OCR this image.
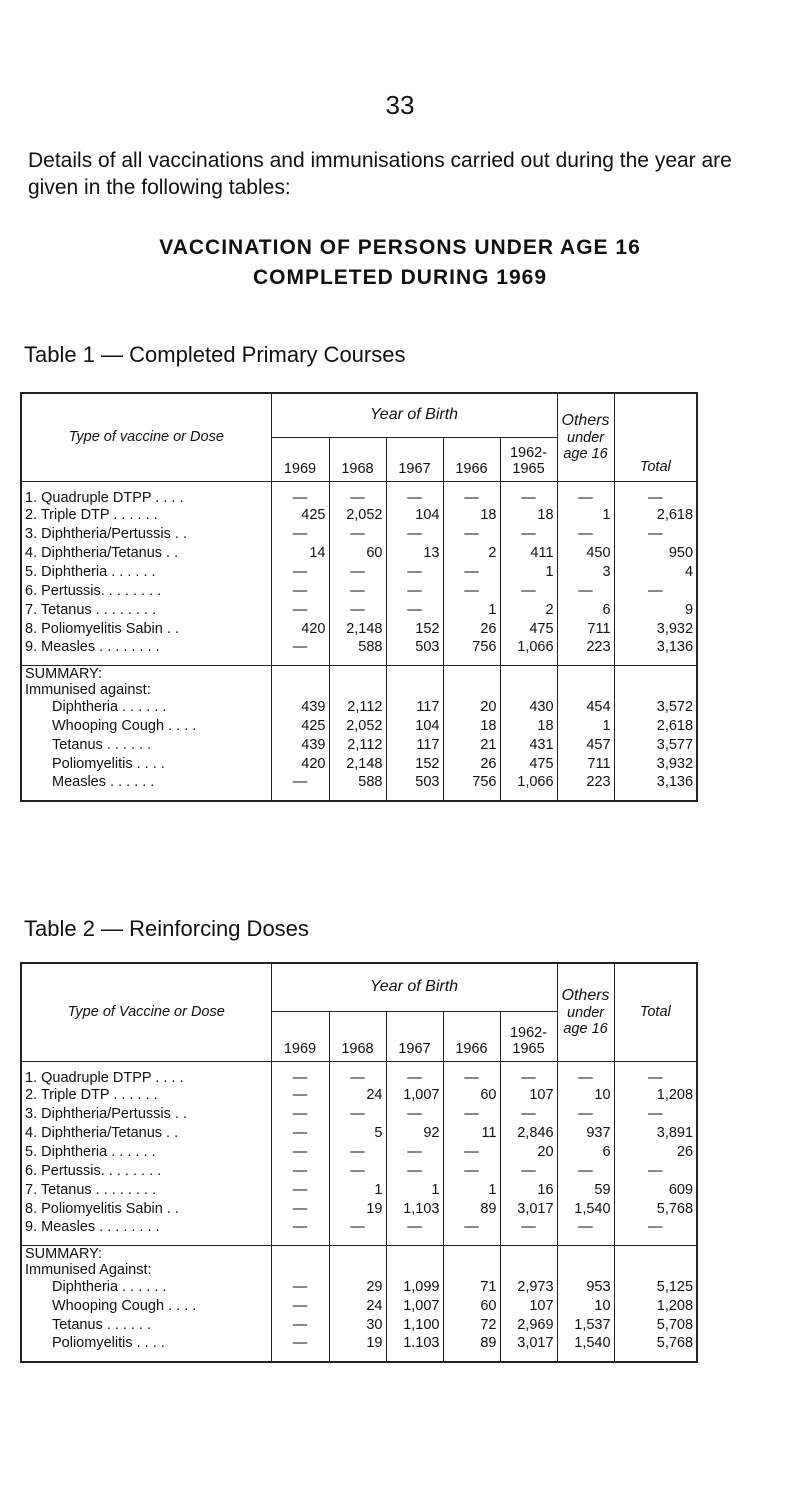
33
Details of all vaccinations and immunisations carried out during the year are given in the following tables:
VACCINATION OF PERSONS UNDER AGE 16
COMPLETED DURING 1969
Table 1 — Completed Primary Courses
Type of vaccine or Dose	Year of Birth					Others
under
age 16	Total
	1969	1968	1967	1966	1962-
1965		

1. Quadruple DTPP . . . .	—	—	—	—	—	—	—
2. Triple DTP . . . . . .	425	2,052	104	18	18	1	2,618
3. Diphtheria/Pertussis . .	—	—	—	—	—	—	—
4. Diphtheria/Tetanus . .	14	60	13	2	411	450	950
5. Diphtheria . . . . . .	—	—	—	—	1	3	4
6. Pertussis. . . . . . . .	—	—	—	—	—	—	—
7. Tetanus . . . . . . . .	—	—	—	1	2	6	9
8. Poliomyelitis Sabin . .	420	2,148	152	26	475	711	3,932
9. Measles . . . . . . . .	—	588	503	756	1,066	223	3,136
SUMMARY:							
Immunised against:							
Diphtheria . . . . . .	439	2,112	117	20	430	454	3,572
Whooping Cough . . . .	425	2,052	104	18	18	1	2,618
Tetanus . . . . . .	439	2,112	117	21	431	457	3,577
Poliomyelitis . . . .	420	2,148	152	26	475	711	3,932
Measles . . . . . .	—	588	503	756	1,066	223	3,136
Table 2 — Reinforcing Doses
Type of Vaccine or Dose	Year of Birth					Others
under
age 16	Total
	1969	1968	1967	1966	1962-
1965		

1. Quadruple DTPP . . . .	—	—	—	—	—	—	—
2. Triple DTP . . . . . .	—	24	1,007	60	107	10	1,208
3. Diphtheria/Pertussis . .	—	—	—	—	—	—	—
4. Diphtheria/Tetanus . .	—	5	92	11	2,846	937	3,891
5. Diphtheria . . . . . .	—	—	—	—	20	6	26
6. Pertussis. . . . . . . .	—	—	—	—	—	—	—
7. Tetanus . . . . . . . .	—	1	1	1	16	59	609
8. Poliomyelitis Sabin . .	—	19	1,103	89	3,017	1,540	5,768
9. Measles . . . . . . . .	—	—	—	—	—	—	—
SUMMARY:							
Immunised Against:							
Diphtheria . . . . . .	—	29	1,099	71	2,973	953	5,125
Whooping Cough . . . .	—	24	1,007	60	107	10	1,208
Tetanus . . . . . .	—	30	1,100	72	2,969	1,537	5,708
Poliomyelitis . . . .	—	19	1.103	89	3,017	1,540	5,768
